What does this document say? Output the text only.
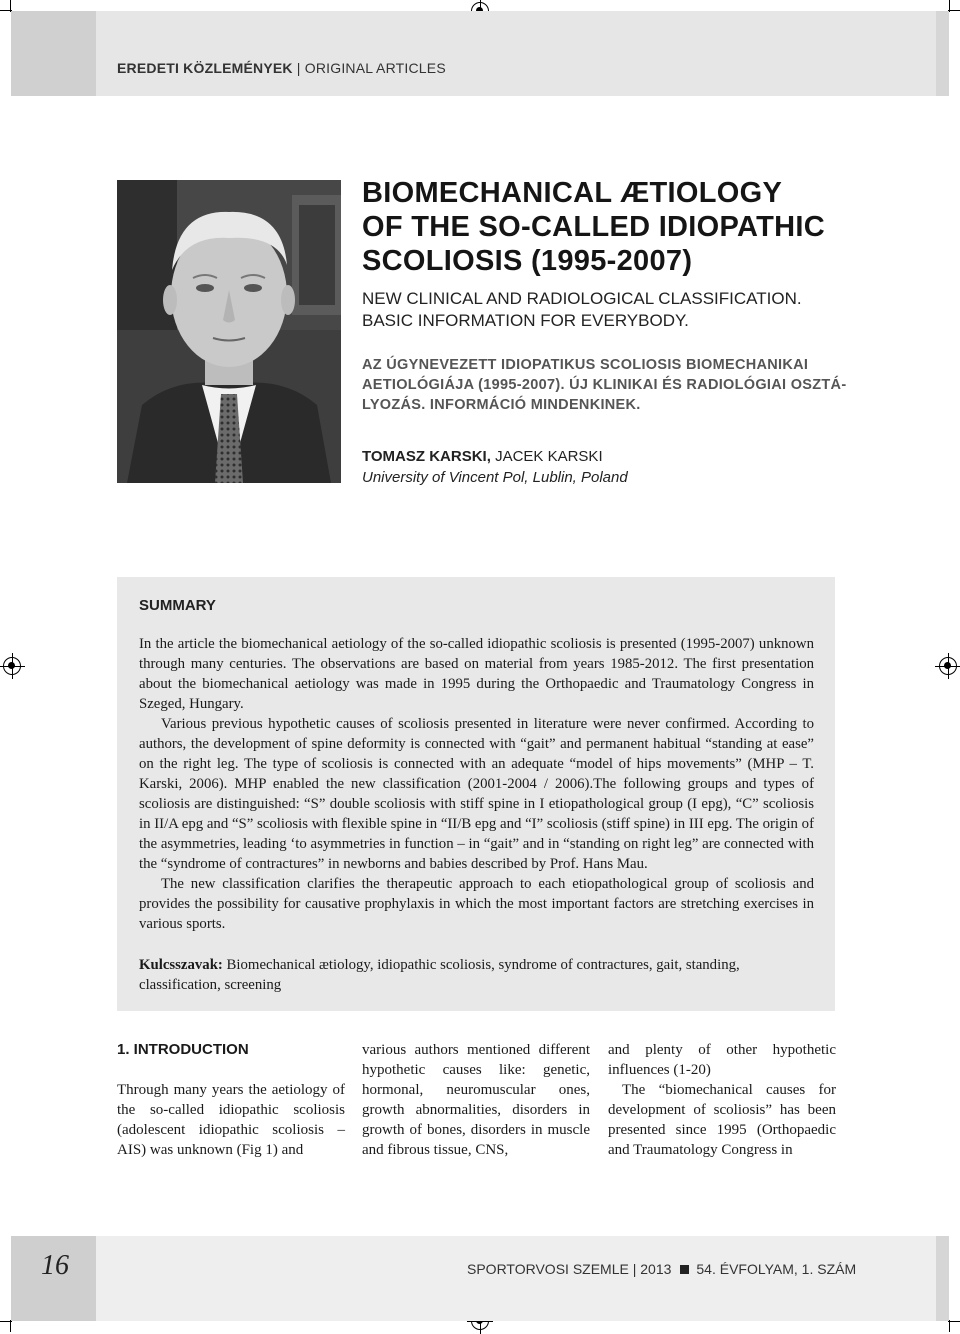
EREDETI KÖZLEMÉNYEK | ORIGINAL ARTICLES
BIOMECHANICAL ÆTIOLOGY
OF THE SO-CALLED IDIOPATHIC
SCOLIOSIS (1995-2007)
NEW CLINICAL AND RADIOLOGICAL CLASSIFICATION.
BASIC INFORMATION FOR EVERYBODY.
AZ ÚGYNEVEZETT IDIOPATIKUS SCOLIOSIS BIOMECHANIKAI
AETIOLÓGIÁJA (1995-2007). ÚJ KLINIKAI ÉS RADIOLÓGIAI OSZTÁ-
LYOZÁS. INFORMÁCIÓ MINDENKINEK.
TOMASZ KARSKI, JACEK KARSKI
University of Vincent Pol, Lublin, Poland
SUMMARY

In the article the biomechanical aetiology of the so-called idiopathic scoliosis is presented (1995-2007) unknown through many centuries. The observations are based on material from years 1985-2012. The first presentation about the biomechanical aetiology was made in 1995 during the Orthopaedic and Traumatology Congress in Szeged, Hungary.

Various previous hypothetic causes of scoliosis presented in literature were never confirmed. According to authors, the development of spine deformity is connected with “gait” and permanent habitual “standing at ease” on the right leg. The type of scoliosis is connected with an adequate “model of hips movements” (MHP – T. Karski, 2006). MHP enabled the new classification (2001-2004 / 2006).The following groups and types of scoliosis are distinguished: “S” double scoliosis with stiff spine in I etiopathological group (I epg), “C” scoliosis in II/A epg and “S” scoliosis with flexible spine in “II/B epg and “I” scoliosis (stiff spine) in III epg. The origin of the asymmetries, leading ‘to asymmetries in function – in “gait” and in “standing on right leg” are connected with the “syndrome of contractures” in newborns and babies described by Prof. Hans Mau.

The new classification clarifies the therapeutic approach to each etiopathological group of scoliosis and provides the possibility for causative prophylaxis in which the most important factors are stretching exercises in various sports.

Kulcsszavak: Biomechanical ætiology, idiopathic scoliosis, syndrome of contractures, gait, standing, classification, screening

1. INTRODUCTION

Through many years the aetiology of the so-called idiopathic scoliosis (adolescent idiopathic scoliosis – AIS) was unknown (Fig 1) and

various authors mentioned different hypothetic causes like: genetic, hormonal, neuromuscular ones, growth abnormalities, disorders in growth of bones, disorders in muscle and fibrous tissue, CNS,

and plenty of other hypothetic influences (1-20)

The “biomechanical causes for development of scoliosis” has been presented since 1995 (Orthopaedic and Traumatology Congress in

16	SPORTORVOSI SZEMLE | 2013 54. ÉVFOLYAM, 1. SZÁM
